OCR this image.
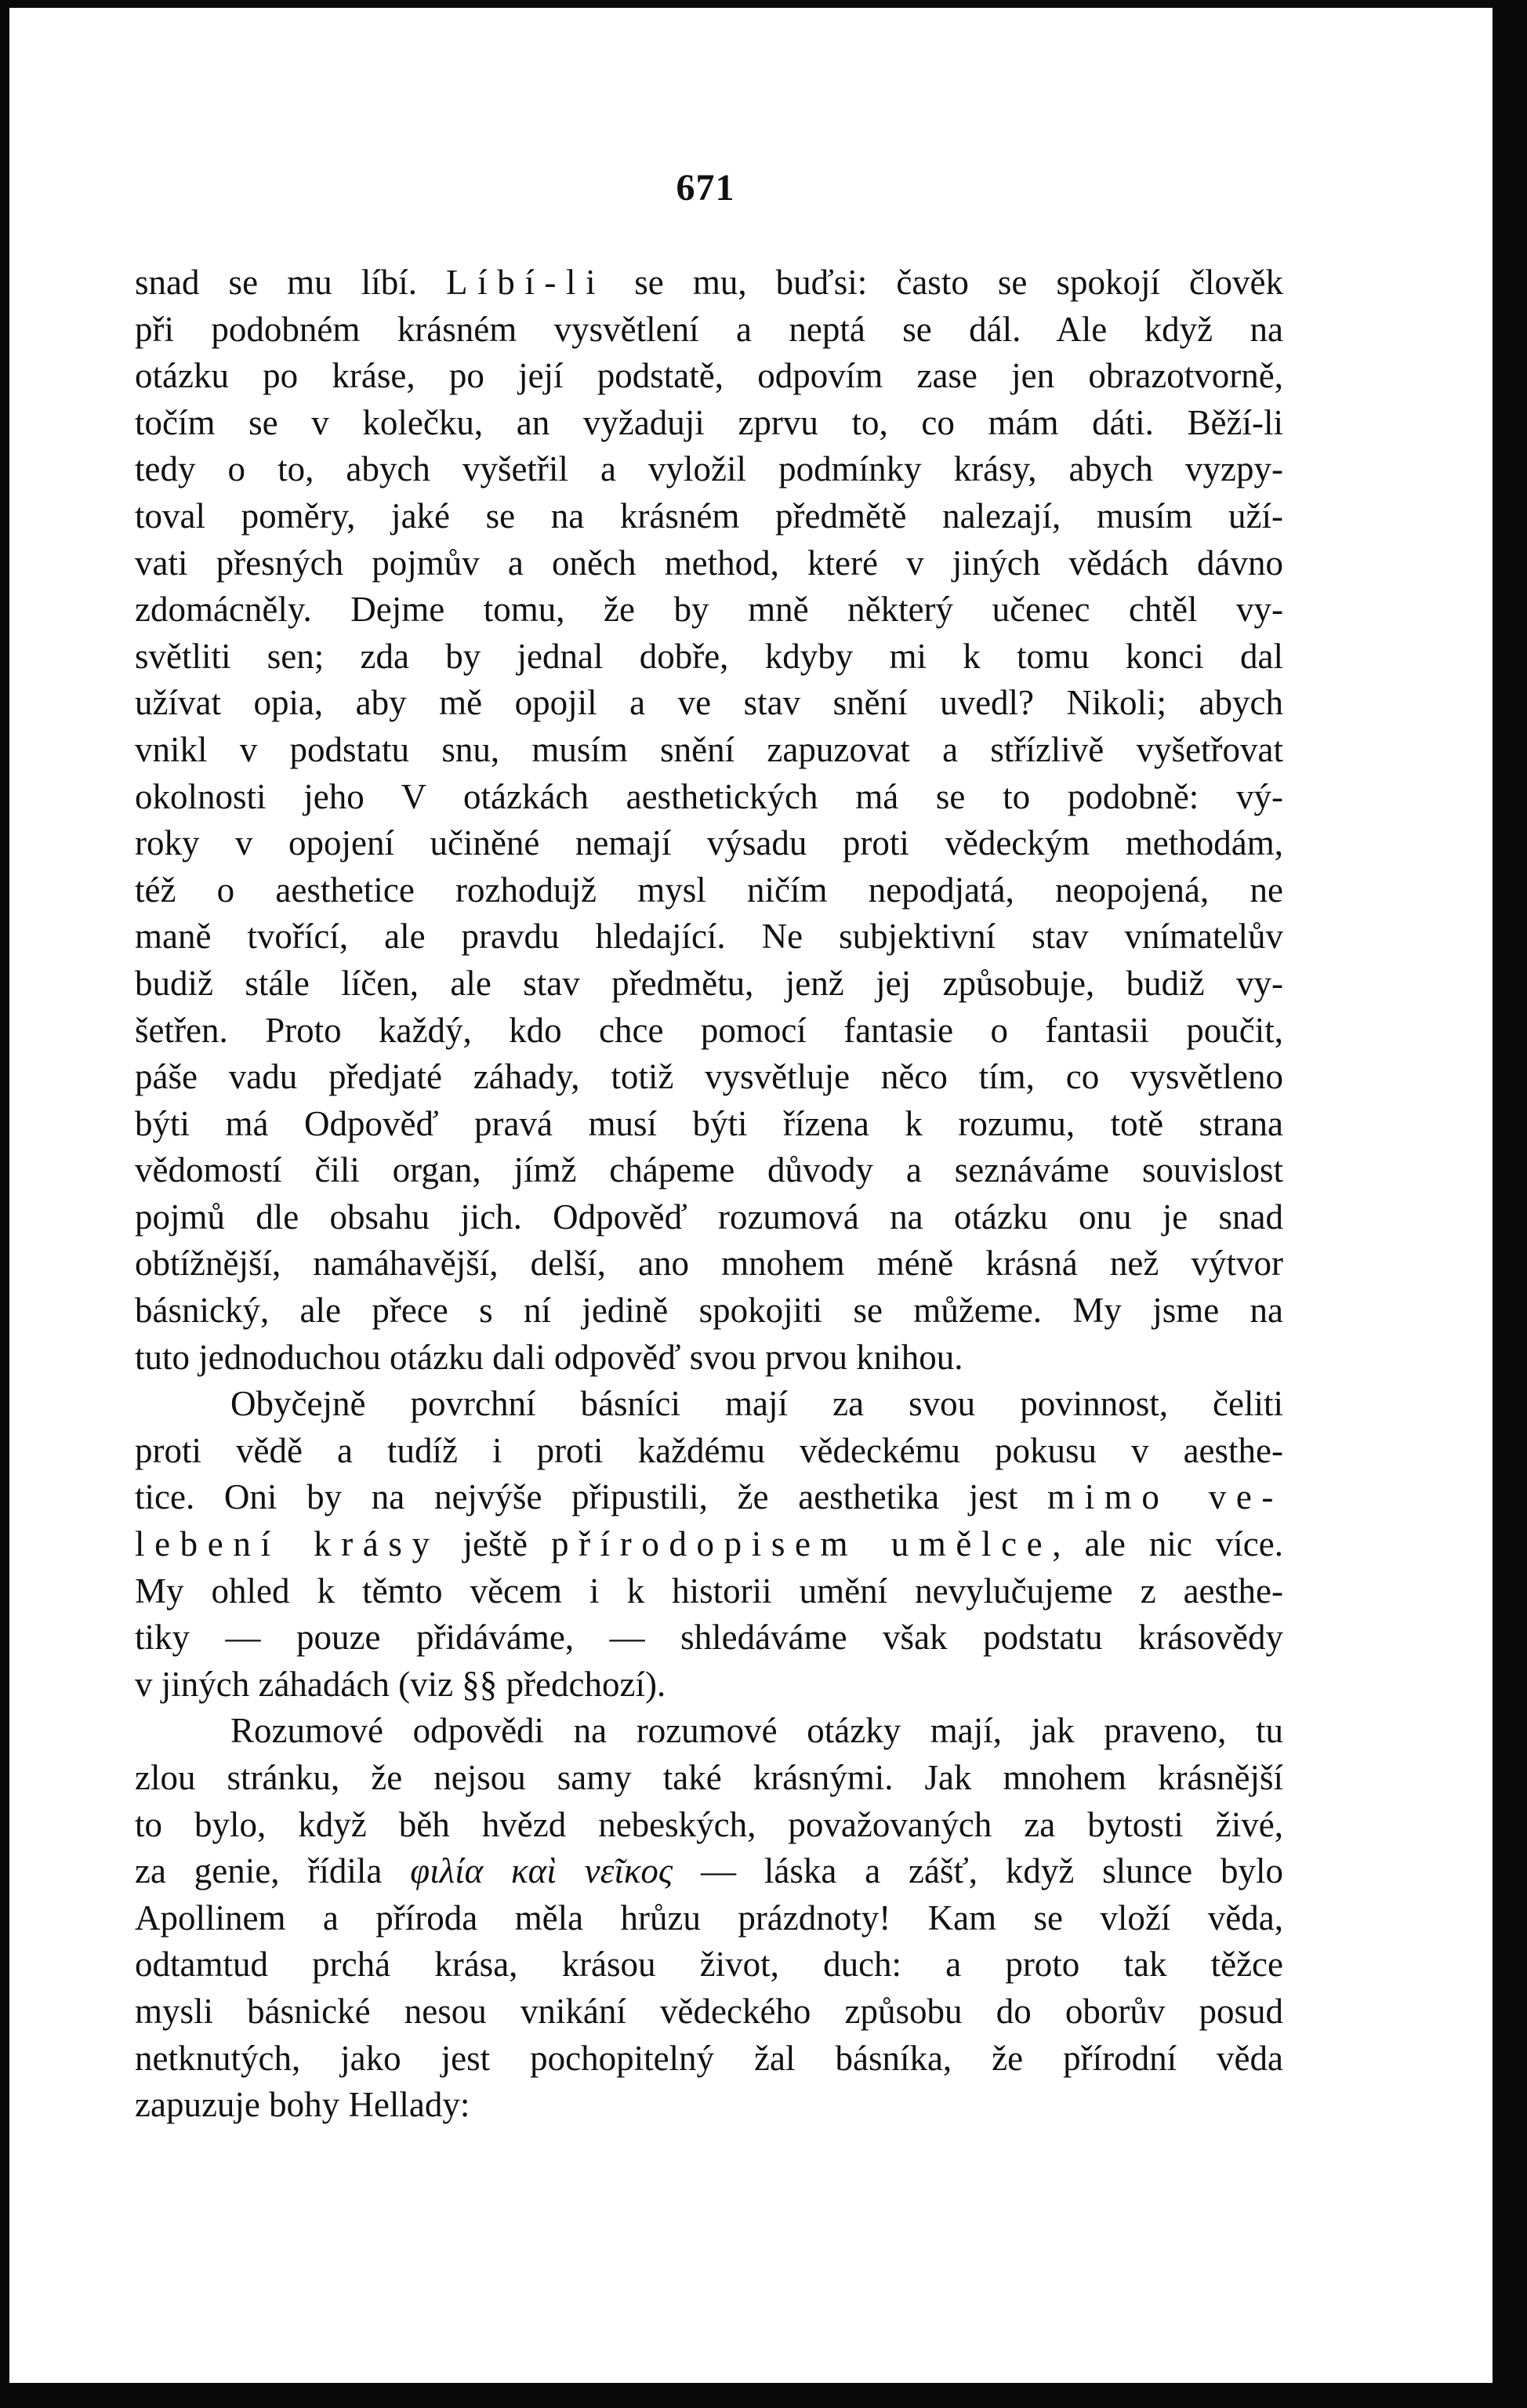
671
snad se mu líbí. Líbí-li se mu, buďsi: často se spokojí člověk
při podobném krásném vysvětlení a neptá se dál. Ale když na
otázku po kráse, po její podstatě, odpovím zase jen obrazotvorně,
točím se v kolečku, an vyžaduji zprvu to, co mám dáti. Běží-li
tedy o to, abych vyšetřil a vyložil podmínky krásy, abych vyzpy-
toval poměry, jaké se na krásném předmětě nalezají, musím uží-
vati přesných pojmův a oněch method, které v jiných vědách dávno
zdomácněly. Dejme tomu, že by mně některý učenec chtěl vy-
světliti sen; zda by jednal dobře, kdyby mi k tomu konci dal
užívat opia, aby mě opojil a ve stav snění uvedl? Nikoli; abych
vnikl v podstatu snu, musím snění zapuzovat a střízlivě vyšetřovat
okolnosti jeho V otázkách aesthetických má se to podobně: vý-
roky v opojení učiněné nemají výsadu proti vědeckým methodám,
též o aesthetice rozhodujž mysl ničím nepodjatá, neopojená, ne
maně tvořící, ale pravdu hledající. Ne subjektivní stav vnímatelův
budiž stále líčen, ale stav předmětu, jenž jej způsobuje, budiž vy-
šetřen. Proto každý, kdo chce pomocí fantasie o fantasii poučit,
páše vadu předjaté záhady, totiž vysvětluje něco tím, co vysvětleno
býti má Odpověď pravá musí býti řízena k rozumu, totě strana
vědomostí čili organ, jímž chápeme důvody a seznáváme souvislost
pojmů dle obsahu jich. Odpověď rozumová na otázku onu je snad
obtížnější, namáhavější, delší, ano mnohem méně krásná než výtvor
básnický, ale přece s ní jedině spokojiti se můžeme. My jsme na
tuto jednoduchou otázku dali odpověď svou prvou knihou.
Obyčejně povrchní básníci mají za svou povinnost, čeliti
proti vědě a tudíž i proti každému vědeckému pokusu v aesthe-
tice. Oni by na nejvýše připustili, že aesthetika jest mimo ve-
lebení krásy ještě přírodopisem umělce, ale nic více.
My ohled k těmto věcem i k historii umění nevylučujeme z aesthe-
tiky — pouze přidáváme, — shledáváme však podstatu krásovědy
v jiných záhadách (viz §§ předchozí).
Rozumové odpovědi na rozumové otázky mají, jak praveno, tu
zlou stránku, že nejsou samy také krásnými. Jak mnohem krásnější
to bylo, když běh hvězd nebeských, považovaných za bytosti živé,
za genie, řídila φιλία καὶ νεῖκος — láska a zášť, když slunce bylo
Apollinem a příroda měla hrůzu prázdnoty! Kam se vloží věda,
odtamtud prchá krása, krásou život, duch: a proto tak těžce
mysli básnické nesou vnikání vědeckého způsobu do oborův posud
netknutých, jako jest pochopitelný žal básníka, že přírodní věda
zapuzuje bohy Hellady:
